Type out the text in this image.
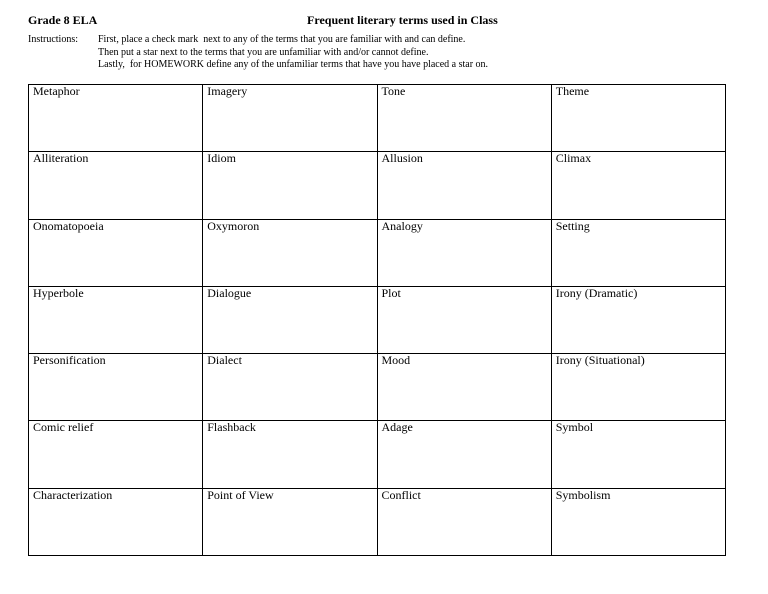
Grade 8 ELA	Frequent literary terms used in Class
Instructions: First, place a check mark  next to any of the terms that you are familiar with and can define.
Then put a star next to the terms that you are unfamiliar with and/or cannot define.
Lastly,  for HOMEWORK define any of the unfamiliar terms that have you have placed a star on.
Metaphor	Imagery	Tone	Theme

Alliteration	Idiom	Allusion	Climax

Onomatopoeia	Oxymoron	Analogy	Setting

Hyperbole	Dialogue	Plot	Irony (Dramatic)

Personification	Dialect	Mood	Irony (Situational)

Comic relief	Flashback	Adage	Symbol

Characterization	Point of View	Conflict	Symbolism
